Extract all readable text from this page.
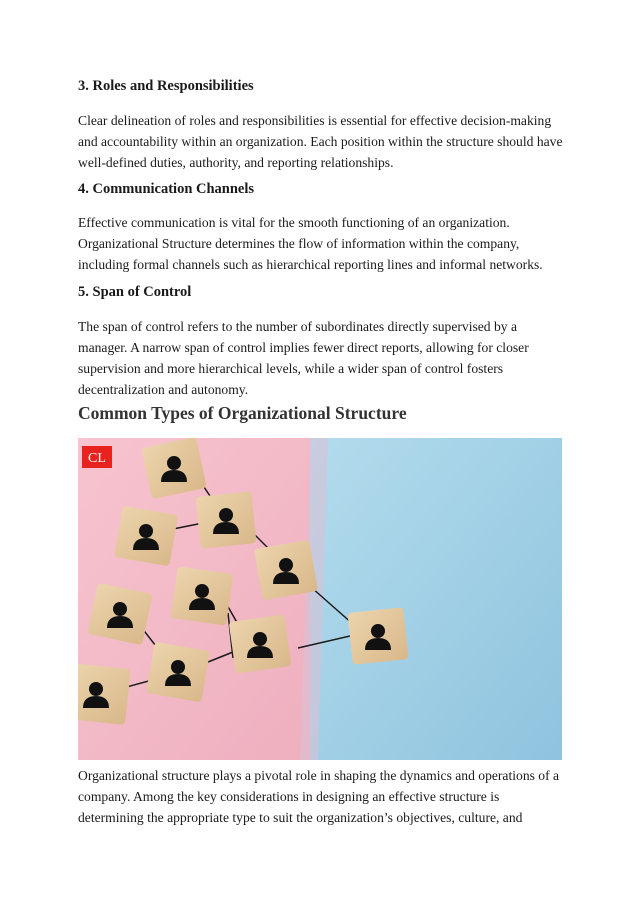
3. Roles and Responsibilities

Clear delineation of roles and responsibilities is essential for effective decision-making and accountability within an organization. Each position within the structure should have well-defined duties, authority, and reporting relationships.

4. Communication Channels

Effective communication is vital for the smooth functioning of an organization. Organizational Structure determines the flow of information within the company, including formal channels such as hierarchical reporting lines and informal networks.

5. Span of Control

The span of control refers to the number of subordinates directly supervised by a manager. A narrow span of control implies fewer direct reports, allowing for closer supervision and more hierarchical levels, while a wider span of control fosters decentralization and autonomy.

Common Types of Organizational Structure
CL

Organizational structure plays a pivotal role in shaping the dynamics and operations of a company. Among the key considerations in designing an effective structure is determining the appropriate type to suit the organization’s objectives, culture, and
